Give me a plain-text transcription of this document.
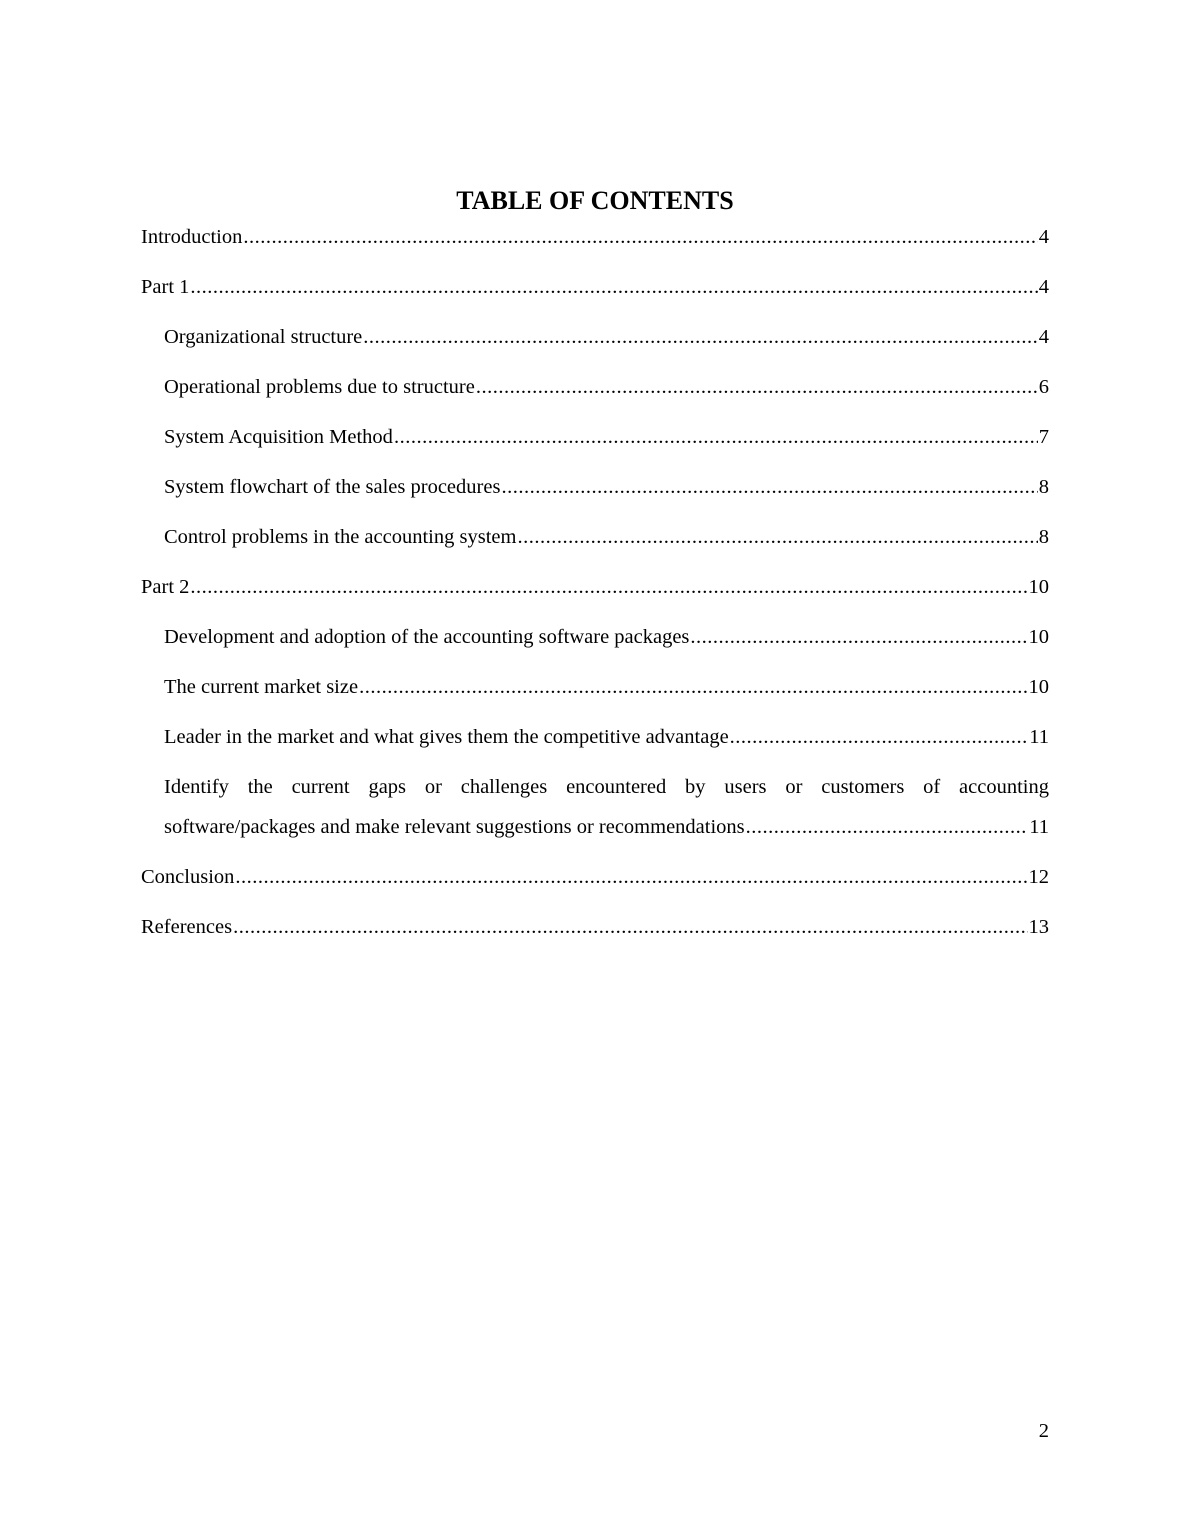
TABLE OF CONTENTS
Introduction .....	4
Part 1 .....	4
Organizational structure .....	4
Operational problems due to structure .....	6
System Acquisition Method .....	7
System flowchart of the sales procedures .....	8
Control problems in the accounting system .....	8
Part 2 .....	10
Development and adoption of the accounting software packages .....	10
The current market size .....	10
Leader in the market and what gives them the competitive advantage .....	11
Identify the current gaps or challenges encountered by users or customers of accounting
software/packages and make relevant suggestions or recommendations .....	11
Conclusion .....	12
References .....	13
2
